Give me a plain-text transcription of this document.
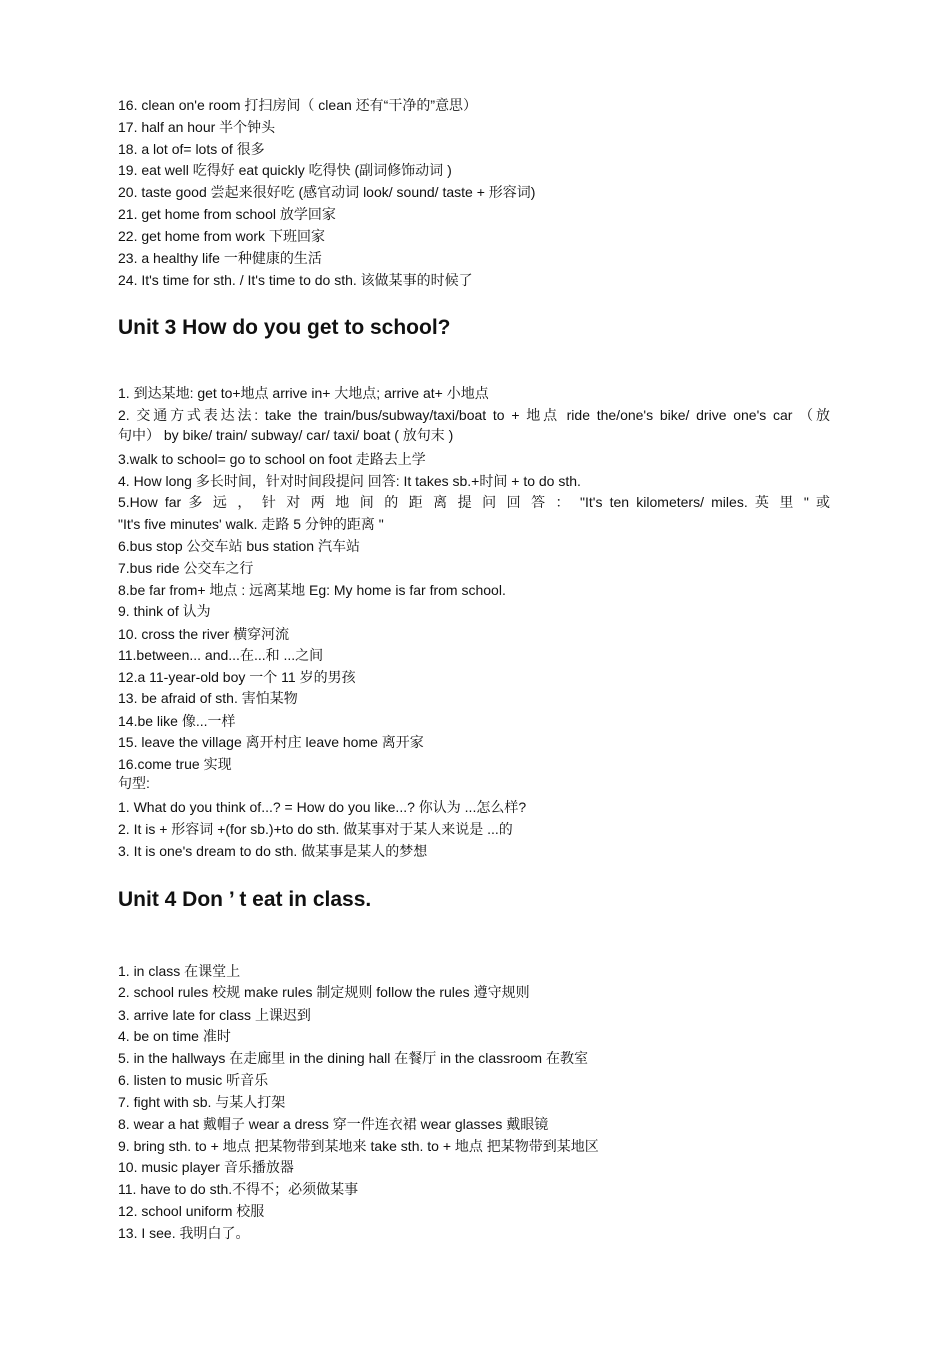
16. clean on'e room 打扫房间（ clean 还有“干净的”意思）
17. half an hour 半个钟头
18. a lot of= lots of 很多
19. eat well 吃得好 eat quickly 吃得快 (副词修饰动词 )
20. taste good 尝起来很好吃 (感官动词 look/ sound/ taste + 形容词)
21. get home from school 放学回家
22. get home from work 下班回家
23. a healthy life 一种健康的生活
24. It's time for sth. / It's time to do sth. 该做某事的时候了
Unit 3 How do you get to school?
1. 到达某地: get to+地点 arrive in+ 大地点; arrive at+ 小地点
2. 交通方式表达法: take the train/bus/subway/taxi/boat to + 地点 ride the/one's bike/ drive one's car （放
句中） by bike/ train/ subway/ car/ taxi/ boat ( 放句末 )
3.walk to school= go to school on foot 走路去上学
4. How long 多长时间，针对时间段提问 回答: It takes sb.+时间 + to do sth.
5.How far 多 远 ， 针 对 两 地 间 的 距 离 提 问 回 答 ： "It's ten kilometers/ miles. 英 里 " 或
"It's five minutes' walk. 走路 5 分钟的距离 "
6.bus stop 公交车站 bus station 汽车站
7.bus ride 公交车之行
8.be far from+ 地点 : 远离某地 Eg: My home is far from school.
9. think of 认为
10. cross the river 横穿河流
11.between... and...在...和 ...之间
12.a 11-year-old boy 一个 11 岁的男孩
13. be afraid of sth. 害怕某物
14.be like 像...一样
15. leave the village 离开村庄 leave home 离开家
16.come true 实现
句型:
1. What do you think of...? = How do you like...? 你认为 ...怎么样?
2. It is + 形容词 +(for sb.)+to do sth. 做某事对于某人来说是 ...的
3. It is one's dream to do sth. 做某事是某人的梦想
Unit 4 Don ’ t eat in class.
1. in class 在课堂上
2. school rules 校规 make rules 制定规则 follow the rules 遵守规则
3. arrive late for class 上课迟到
4. be on time 准时
5. in the hallways 在走廊里 in the dining hall 在餐厅 in the classroom 在教室
6. listen to music 听音乐
7. fight with sb. 与某人打架
8. wear a hat 戴帽子 wear a dress 穿一件连衣裙 wear glasses 戴眼镜
9. bring sth. to + 地点 把某物带到某地来 take sth. to + 地点 把某物带到某地区
10. music player 音乐播放器
11. have to do sth.不得不；必须做某事
12. school uniform 校服
13. I see. 我明白了。
